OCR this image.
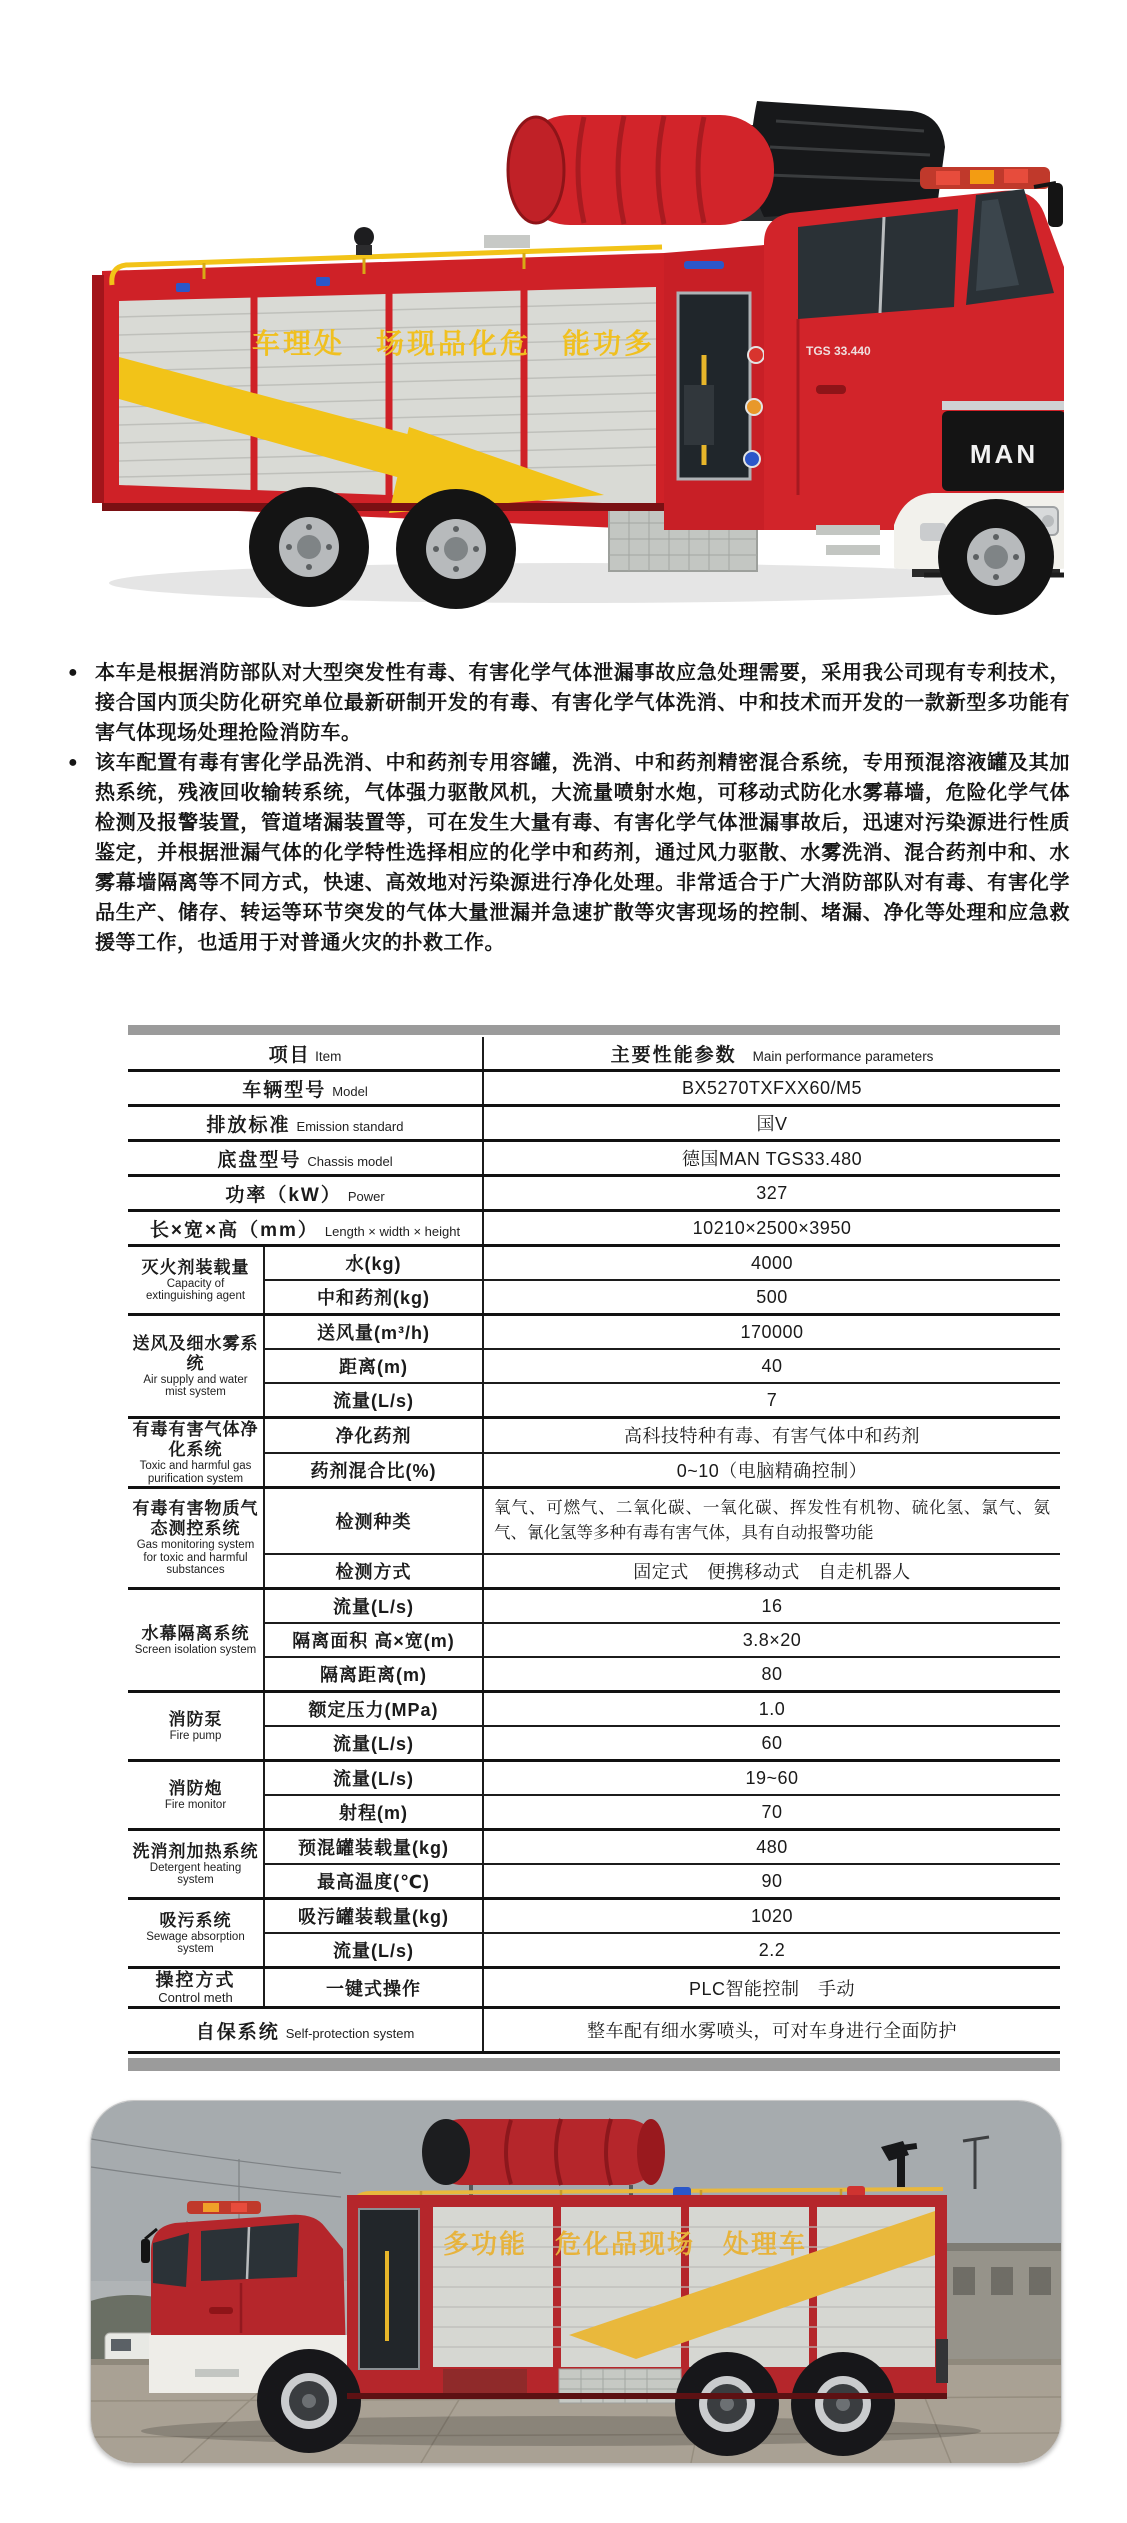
车理处　场现品化危　能功多	TGS 33.440
MAN
● 本车是根据消防部队对大型突发性有毒、有害化学气体泄漏事故应急处理需要，采用我公司现有专利技术，接合国内顶尖防化研究单位最新研制开发的有毒、有害化学气体洗消、中和技术而开发的一款新型多功能有害气体现场处理抢险消防车。
● 该车配置有毒有害化学品洗消、中和药剂专用容罐，洗消、中和药剂精密混合系统，专用预混溶液罐及其加热系统，残液回收输转系统，气体强力驱散风机，大流量喷射水炮，可移动式防化水雾幕墙，危险化学气体检测及报警装置，管道堵漏装置等，可在发生大量有毒、有害化学气体泄漏事故后，迅速对污染源进行性质鉴定，并根据泄漏气体的化学特性选择相应的化学中和药剂，通过风力驱散、水雾洗消、混合药剂中和、水雾幕墙隔离等不同方式，快速、高效地对污染源进行净化处理。非常适合于广大消防部队对有毒、有害化学品生产、储存、转运等环节突发的气体大量泄漏并急速扩散等灾害现场的控制、堵漏、净化等处理和应急救援等工作，也适用于对普通火灾的扑救工作。
项目 Item		主要性能参数　 Main performance parameters
车辆型号 Model		BX5270TXFXX60/M5
排放标准 Emission standard		国V
底盘型号 Chassis model		德国MAN TGS33.480
功率（kW） Power		327
长×宽×高（mm） Length × width × height		10210×2500×3950

灭火剂装载量
Capacity of extinguishing agent	水(kg)	4000
	中和药剂(kg)	500

送风及细水雾系统
Air supply and water mist system	送风量(m³/h)	170000
	距离(m)	40
	流量(L/s)	7

有毒有害气体净化系统
Toxic and harmful gas purification system	净化药剂	高科技特种有毒、有害气体中和药剂
	药剂混合比(%)	0~10（电脑精确控制）

有毒有害物质气态测控系统
Gas monitoring system for toxic and harmful substances	检测种类	氧气、可燃气、二氧化碳、一氧化碳、挥发性有机物、硫化氢、氯气、氨气、氰化氢等多种有毒有害气体，具有自动报警功能
	检测方式	固定式　便携移动式　自走机器人

水幕隔离系统
Screen isolation system	流量(L/s)	16
	隔离面积 高×宽(m)	3.8×20
	隔离距离(m)	80

消防泵
Fire pump	额定压力(MPa)	1.0
	流量(L/s)	60

消防炮
Fire monitor	流量(L/s)	19~60
	射程(m)	70

洗消剂加热系统
Detergent heating system	预混罐装载量(kg)	480
	最高温度(℃)	90

吸污系统
Sewage absorption system	吸污罐装载量(kg)	1020
	流量(L/s)	2.2

操控方式
Control meth	一键式操作	PLC智能控制　手动
自保系统 Self-protection system		整车配有细水雾喷头，可对车身进行全面防护
多功能　危化品现场　处理车
